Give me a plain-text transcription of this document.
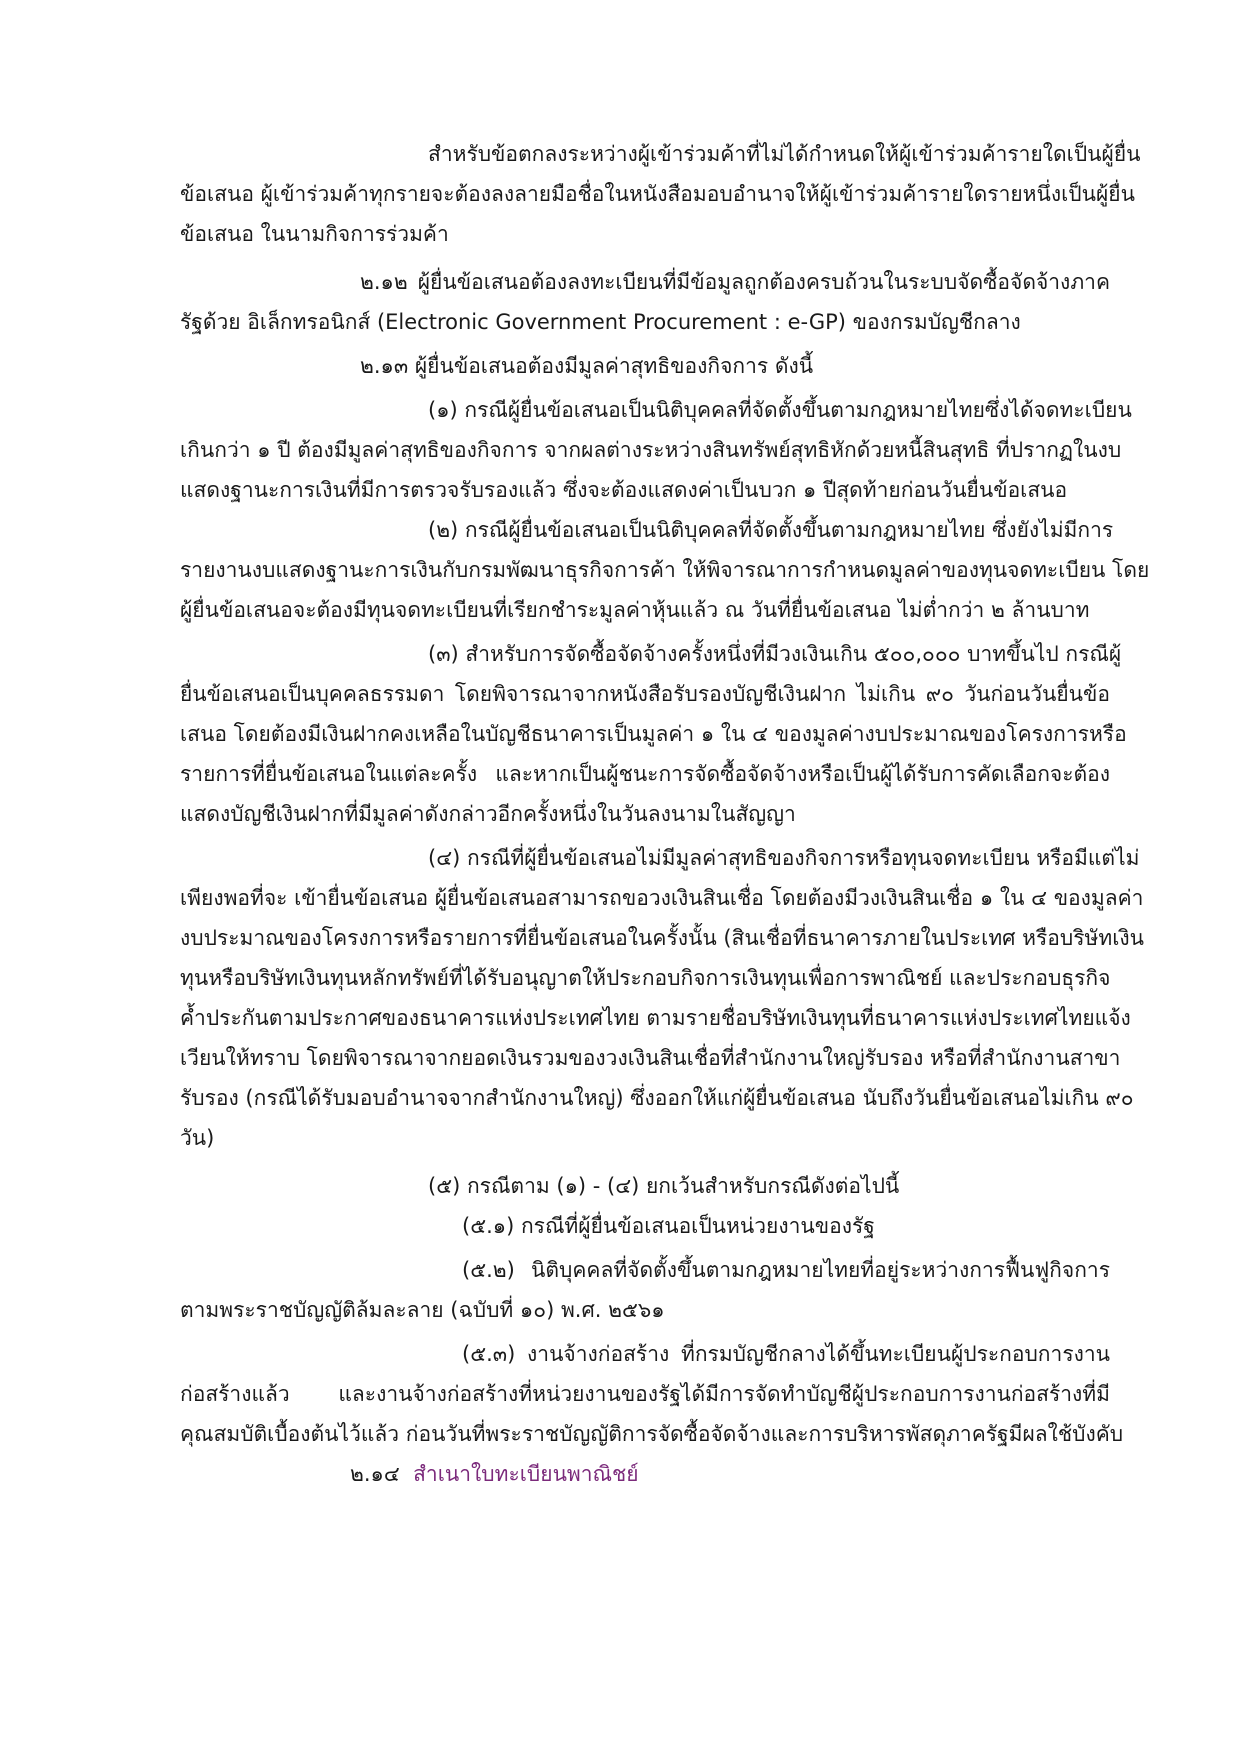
สำหรับข้อตกลงระหว่างผู้เข้าร่วมค้าที่ไม่ได้กำหนดให้ผู้เข้าร่วมค้ารายใดเป็นผู้ยื่น
ข้อเสนอ ผู้เข้าร่วมค้าทุกรายจะต้องลงลายมือชื่อในหนังสือมอบอำนาจให้ผู้เข้าร่วมค้ารายใดรายหนึ่งเป็นผู้ยื่น
ข้อเสนอ ในนามกิจการร่วมค้า
๒.๑๒ ผู้ยื่นข้อเสนอต้องลงทะเบียนที่มีข้อมูลถูกต้องครบถ้วนในระบบจัดซื้อจัดจ้างภาค
รัฐด้วย อิเล็กทรอนิกส์ (Electronic Government Procurement : e-GP) ของกรมบัญชีกลาง
๒.๑๓ ผู้ยื่นข้อเสนอต้องมีมูลค่าสุทธิของกิจการ ดังนี้
(๑) กรณีผู้ยื่นข้อเสนอเป็นนิติบุคคลที่จัดตั้งขึ้นตามกฎหมายไทยซึ่งได้จดทะเบียน
เกินกว่า ๑ ปี ต้องมีมูลค่าสุทธิของกิจการ จากผลต่างระหว่างสินทรัพย์สุทธิหักด้วยหนี้สินสุทธิ ที่ปรากฏในงบ
แสดงฐานะการเงินที่มีการตรวจรับรองแล้ว ซึ่งจะต้องแสดงค่าเป็นบวก ๑ ปีสุดท้ายก่อนวันยื่นข้อเสนอ
(๒) กรณีผู้ยื่นข้อเสนอเป็นนิติบุคคลที่จัดตั้งขึ้นตามกฎหมายไทย ซึ่งยังไม่มีการ
รายงานงบแสดงฐานะการเงินกับกรมพัฒนาธุรกิจการค้า ให้พิจารณาการกำหนดมูลค่าของทุนจดทะเบียน โดย
ผู้ยื่นข้อเสนอจะต้องมีทุนจดทะเบียนที่เรียกชำระมูลค่าหุ้นแล้ว ณ วันที่ยื่นข้อเสนอ ไม่ต่ำกว่า ๒ ล้านบาท
(๓) สำหรับการจัดซื้อจัดจ้างครั้งหนึ่งที่มีวงเงินเกิน ๕๐๐,๐๐๐ บาทขึ้นไป กรณีผู้
ยื่นข้อเสนอเป็นบุคคลธรรมดา โดยพิจารณาจากหนังสือรับรองบัญชีเงินฝาก ไม่เกิน ๙๐ วันก่อนวันยื่นข้อ
เสนอ โดยต้องมีเงินฝากคงเหลือในบัญชีธนาคารเป็นมูลค่า ๑ ใน ๔ ของมูลค่างบประมาณของโครงการหรือ
รายการที่ยื่นข้อเสนอในแต่ละครั้ง และหากเป็นผู้ชนะการจัดซื้อจัดจ้างหรือเป็นผู้ได้รับการคัดเลือกจะต้อง
แสดงบัญชีเงินฝากที่มีมูลค่าดังกล่าวอีกครั้งหนึ่งในวันลงนามในสัญญา
(๔) กรณีที่ผู้ยื่นข้อเสนอไม่มีมูลค่าสุทธิของกิจการหรือทุนจดทะเบียน หรือมีแต่ไม่
เพียงพอที่จะ เข้ายื่นข้อเสนอ ผู้ยื่นข้อเสนอสามารถขอวงเงินสินเชื่อ โดยต้องมีวงเงินสินเชื่อ ๑ ใน ๔ ของมูลค่า
งบประมาณของโครงการหรือรายการที่ยื่นข้อเสนอในครั้งนั้น (สินเชื่อที่ธนาคารภายในประเทศ หรือบริษัทเงิน
ทุนหรือบริษัทเงินทุนหลักทรัพย์ที่ได้รับอนุญาตให้ประกอบกิจการเงินทุนเพื่อการพาณิชย์ และประกอบธุรกิจ
ค้ำประกันตามประกาศของธนาคารแห่งประเทศไทย ตามรายชื่อบริษัทเงินทุนที่ธนาคารแห่งประเทศไทยแจ้ง
เวียนให้ทราบ โดยพิจารณาจากยอดเงินรวมของวงเงินสินเชื่อที่สำนักงานใหญ่รับรอง หรือที่สำนักงานสาขา
รับรอง (กรณีได้รับมอบอำนาจจากสำนักงานใหญ่) ซึ่งออกให้แก่ผู้ยื่นข้อเสนอ นับถึงวันยื่นข้อเสนอไม่เกิน ๙๐
วัน)
(๕) กรณีตาม (๑) - (๔) ยกเว้นสำหรับกรณีดังต่อไปนี้
(๕.๑) กรณีที่ผู้ยื่นข้อเสนอเป็นหน่วยงานของรัฐ
(๕.๒) นิติบุคคลที่จัดตั้งขึ้นตามกฎหมายไทยที่อยู่ระหว่างการฟื้นฟูกิจการ
ตามพระราชบัญญัติล้มละลาย (ฉบับที่ ๑๐) พ.ศ. ๒๕๖๑
(๕.๓) งานจ้างก่อสร้าง ที่กรมบัญชีกลางได้ขึ้นทะเบียนผู้ประกอบการงาน
ก่อสร้างแล้ว และงานจ้างก่อสร้างที่หน่วยงานของรัฐได้มีการจัดทำบัญชีผู้ประกอบการงานก่อสร้างที่มี
คุณสมบัติเบื้องต้นไว้แล้ว ก่อนวันที่พระราชบัญญัติการจัดซื้อจัดจ้างและการบริหารพัสดุภาครัฐมีผลใช้บังคับ
๒.๑๔ สำเนาใบทะเบียนพาณิชย์
